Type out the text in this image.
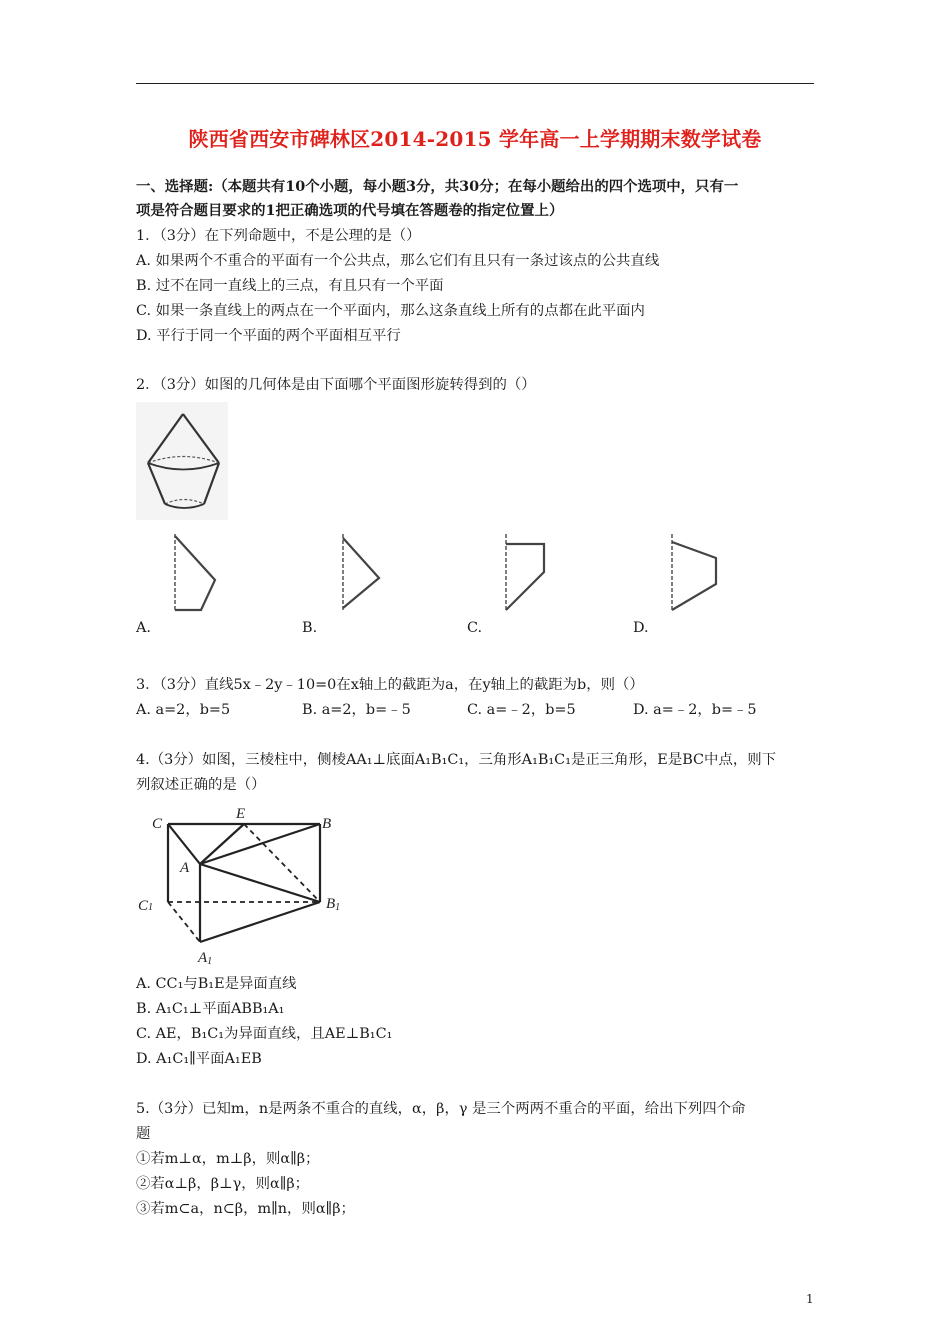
陕西省西安市碑林区2014-2015 学年高一上学期期末数学试卷
一、选择题:（本题共有10个小题，每小题3分，共30分；在每小题给出的四个选项中，只有一
项是符合题目要求的1把正确选项的代号填在答题卷的指定位置上）
1．（3分）在下列命题中，不是公理的是（）
A. 如果两个不重合的平面有一个公共点，那么它们有且只有一条过该点的公共直线
B. 过不在同一直线上的三点，有且只有一个平面
C. 如果一条直线上的两点在一个平面内，那么这条直线上所有的点都在此平面内
D. 平行于同一个平面的两个平面相互平行
2．（3分）如图的几何体是由下面哪个平面图形旋转得到的（）
A.	B.	C.	D.
3．（3分）直线5x﹣2y﹣10=0在x轴上的截距为a，在y轴上的截距为b，则（）
A. a=2，b=5	B. a=2，b=﹣5	C. a=﹣2，b=5	D. a=﹣2，b=﹣5
4.（3分）如图，三棱柱中，侧棱AA₁⊥底面A₁B₁C₁，三角形A₁B₁C₁是正三角形，E是BC中点，则下
列叙述正确的是（）
C
E
B
A
C1	B1
A1
A. CC₁与B₁E是异面直线
B. A₁C₁⊥平面ABB₁A₁
C. AE，B₁C₁为异面直线，且AE⊥B₁C₁
D. A₁C₁∥平面A₁EB
5.（3分）已知m，n是两条不重合的直线，α，β，γ 是三个两两不重合的平面，给出下列四个命
题
①若m⊥α，m⊥β，则α∥β；
②若α⊥β，β⊥γ，则α∥β；
③若m⊂a，n⊂β，m∥n，则α∥β；
1
